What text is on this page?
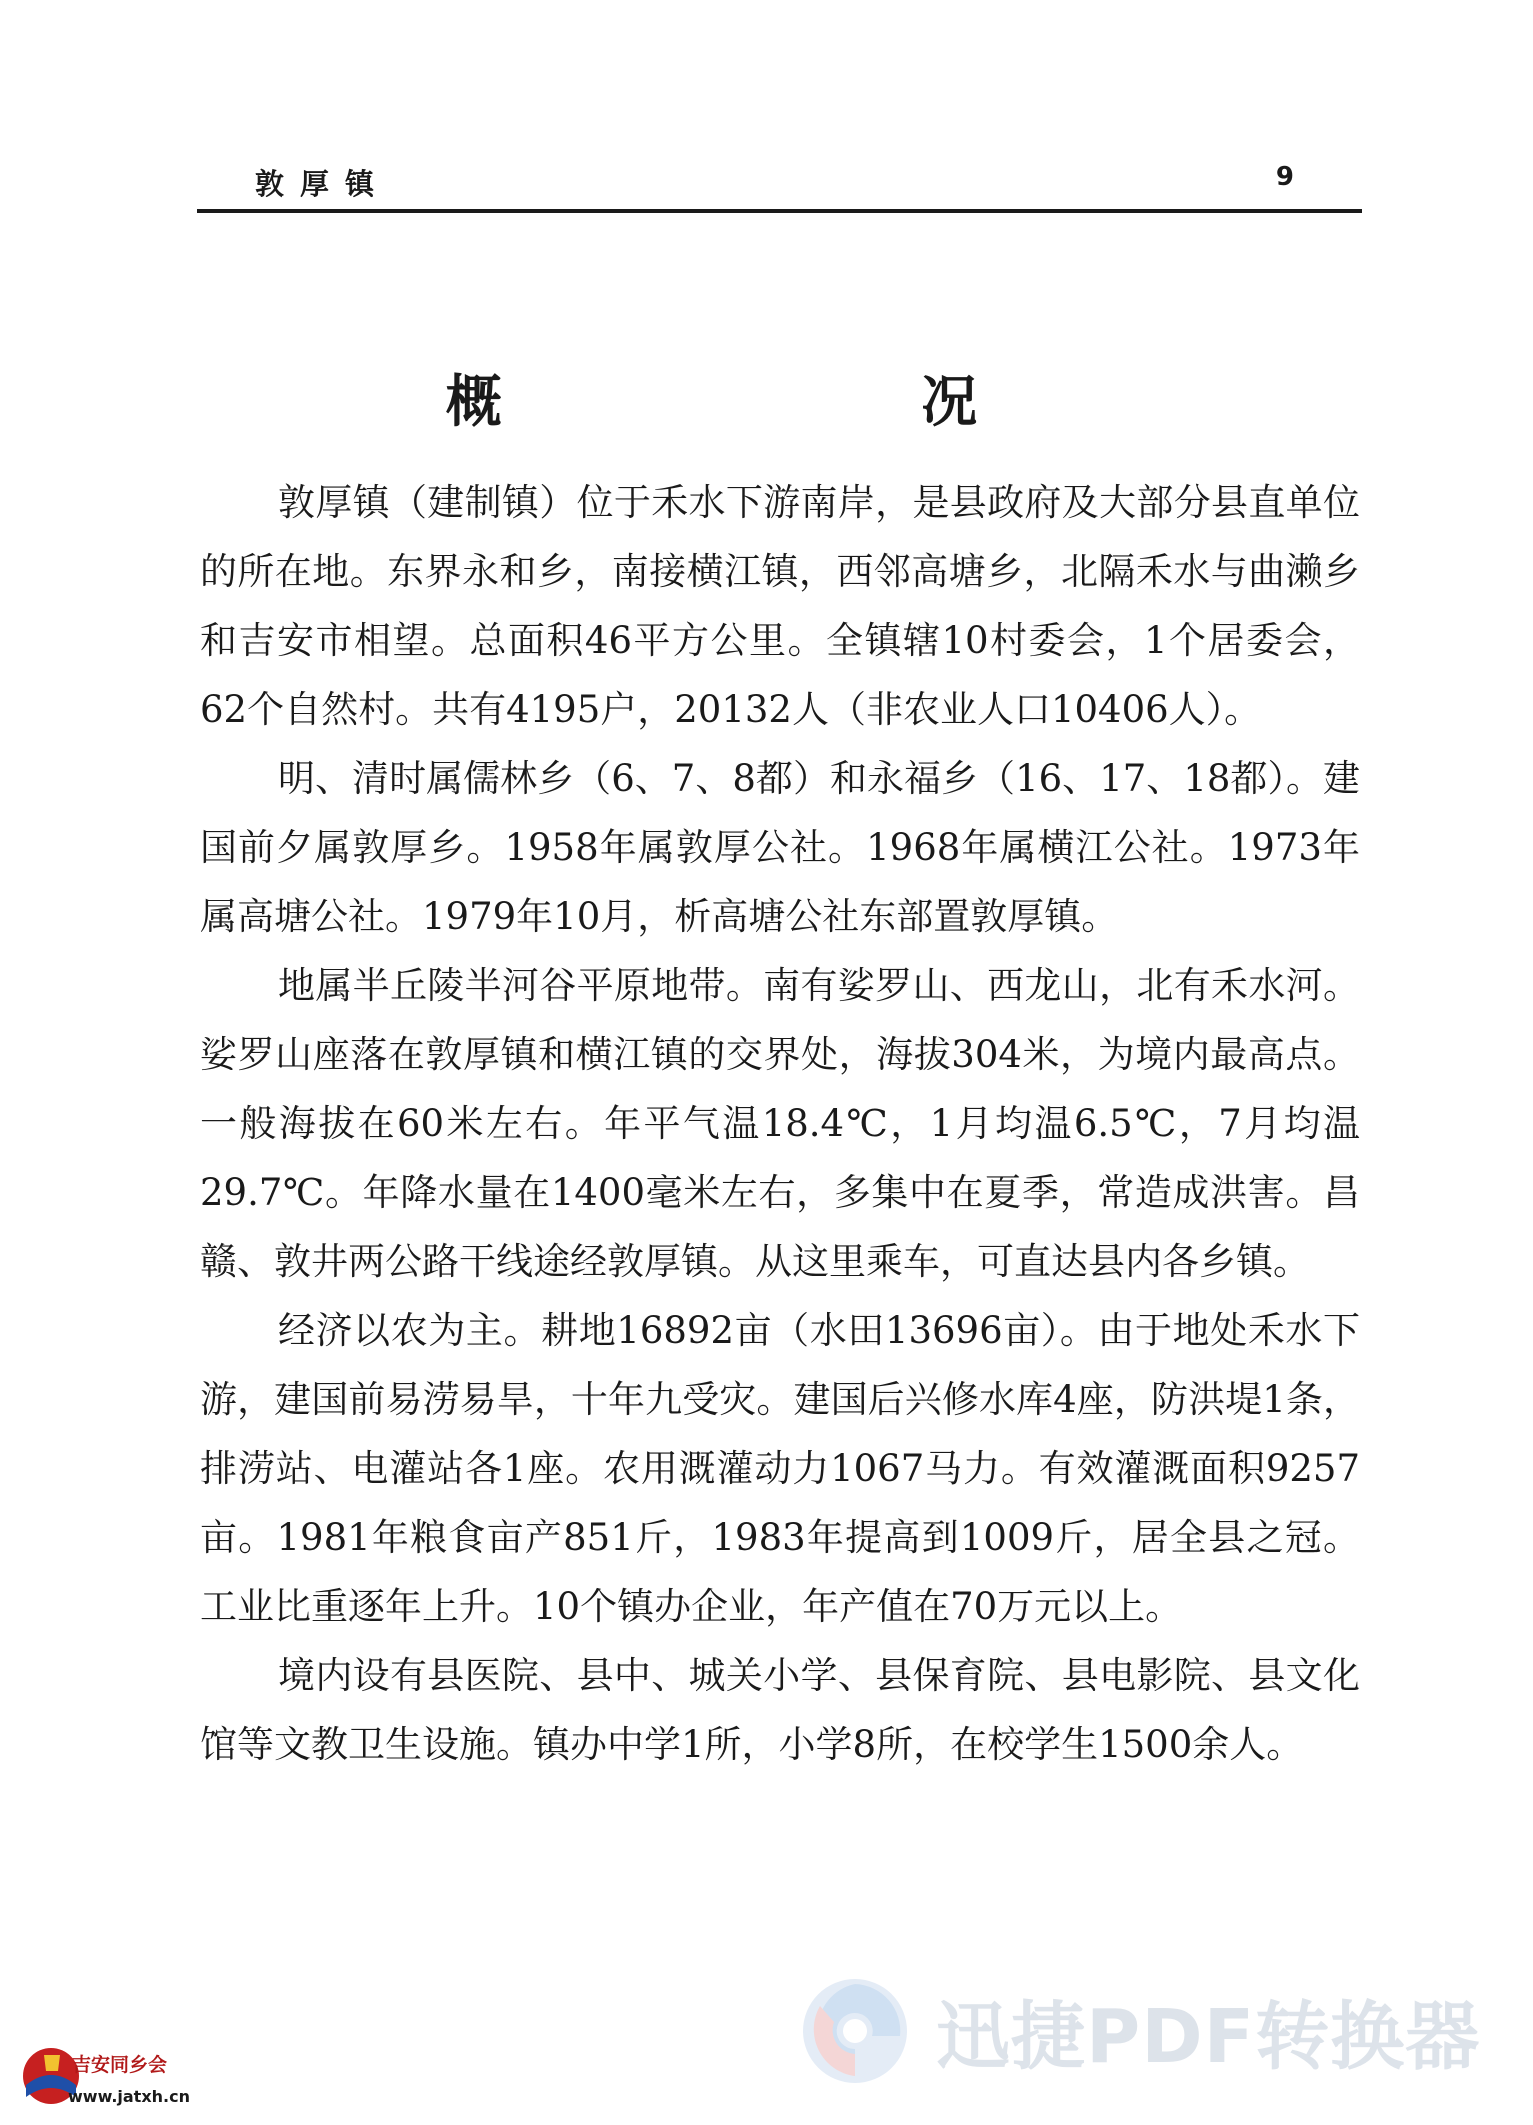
敦厚镇	9
概 况

敦厚镇（建制镇）位于禾水下游南岸，是县政府及大部分县直单位的所在地。东界永和乡，南接横江镇，西邻高塘乡，北隔禾水与曲濑乡和吉安市相望。总面积46平方公里。全镇辖10村委会，1个居委会，62个自然村。共有4195户，20132人（非农业人口10406人）。

明、清时属儒林乡（6、7、8都）和永福乡（16、17、18都）。建国前夕属敦厚乡。1958年属敦厚公社。1968年属横江公社。1973年属高塘公社。1979年10月，析高塘公社东部置敦厚镇。

地属半丘陵半河谷平原地带。南有娑罗山、西龙山，北有禾水河。娑罗山座落在敦厚镇和横江镇的交界处，海拔304米，为境内最高点。一般海拔在60米左右。年平气温18.4℃，1月均温6.5℃，7月均温29.7℃。年降水量在1400毫米左右，多集中在夏季，常造成洪害。昌赣、敦井两公路干线途经敦厚镇。从这里乘车，可直达县内各乡镇。

经济以农为主。耕地16892亩（水田13696亩）。由于地处禾水下游，建国前易涝易旱，十年九受灾。建国后兴修水库4座，防洪堤1条，排涝站、电灌站各1座。农用溉灌动力1067马力。有效灌溉面积9257亩。1981年粮食亩产851斤，1983年提高到1009斤，居全县之冠。工业比重逐年上升。10个镇办企业，年产值在70万元以上。

境内设有县医院、县中、城关小学、县保育院、县电影院、县文化馆等文教卫生设施。镇办中学1所，小学8所，在校学生1500余人。

迅捷PDF转换器
吉安同乡会
www.jatxh.cn
